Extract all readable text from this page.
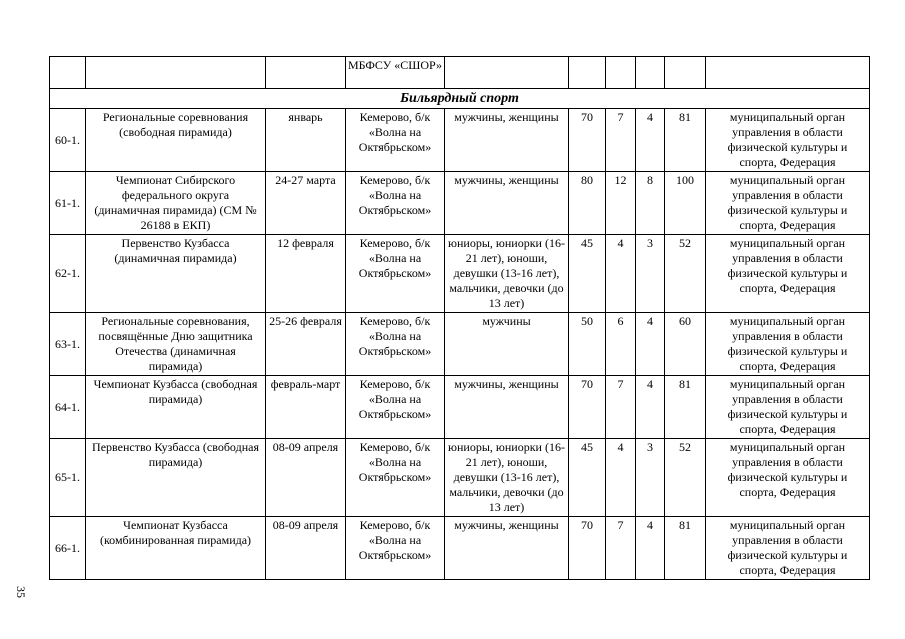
			МБФСУ «СШОР»						
Бильярдный спорт									
60-1.	Региональные соревнования (свободная пирамида)	январь	Кемерово, б/к «Волна на Октябрьском»	мужчины, женщины	70	7	4	81	муниципальный орган управления в области физической культуры и спорта, Федерация
61-1.	Чемпионат Сибирского федерального округа (динамичная пирамида) (СМ № 26188 в ЕКП)	24-27 марта	Кемерово, б/к «Волна на Октябрьском»	мужчины, женщины	80	12	8	100	муниципальный орган управления в области физической культуры и спорта, Федерация
62-1.	Первенство Кузбасса (динамичная пирамида)	12 февраля	Кемерово, б/к «Волна на Октябрьском»	юниоры, юниорки (16-21 лет), юноши, девушки (13-16 лет), мальчики, девочки (до 13 лет)	45	4	3	52	муниципальный орган управления в области физической культуры и спорта, Федерация
63-1.	Региональные соревнования, посвящённые Дню защитника Отечества (динамичная пирамида)	25-26 февраля	Кемерово, б/к «Волна на Октябрьском»	мужчины	50	6	4	60	муниципальный орган управления в области физической культуры и спорта, Федерация
64-1.	Чемпионат Кузбасса (свободная пирамида)	февраль-март	Кемерово, б/к «Волна на Октябрьском»	мужчины, женщины	70	7	4	81	муниципальный орган управления в области физической культуры и спорта, Федерация
65-1.	Первенство Кузбасса (свободная пирамида)	08-09 апреля	Кемерово, б/к «Волна на Октябрьском»	юниоры, юниорки (16-21 лет), юноши, девушки (13-16 лет), мальчики, девочки (до 13 лет)	45	4	3	52	муниципальный орган управления в области физической культуры и спорта, Федерация
66-1.	Чемпионат Кузбасса (комбинированная пирамида)	08-09 апреля	Кемерово, б/к «Волна на Октябрьском»	мужчины, женщины	70	7	4	81	муниципальный орган управления в области физической культуры и спорта, Федерация
35
